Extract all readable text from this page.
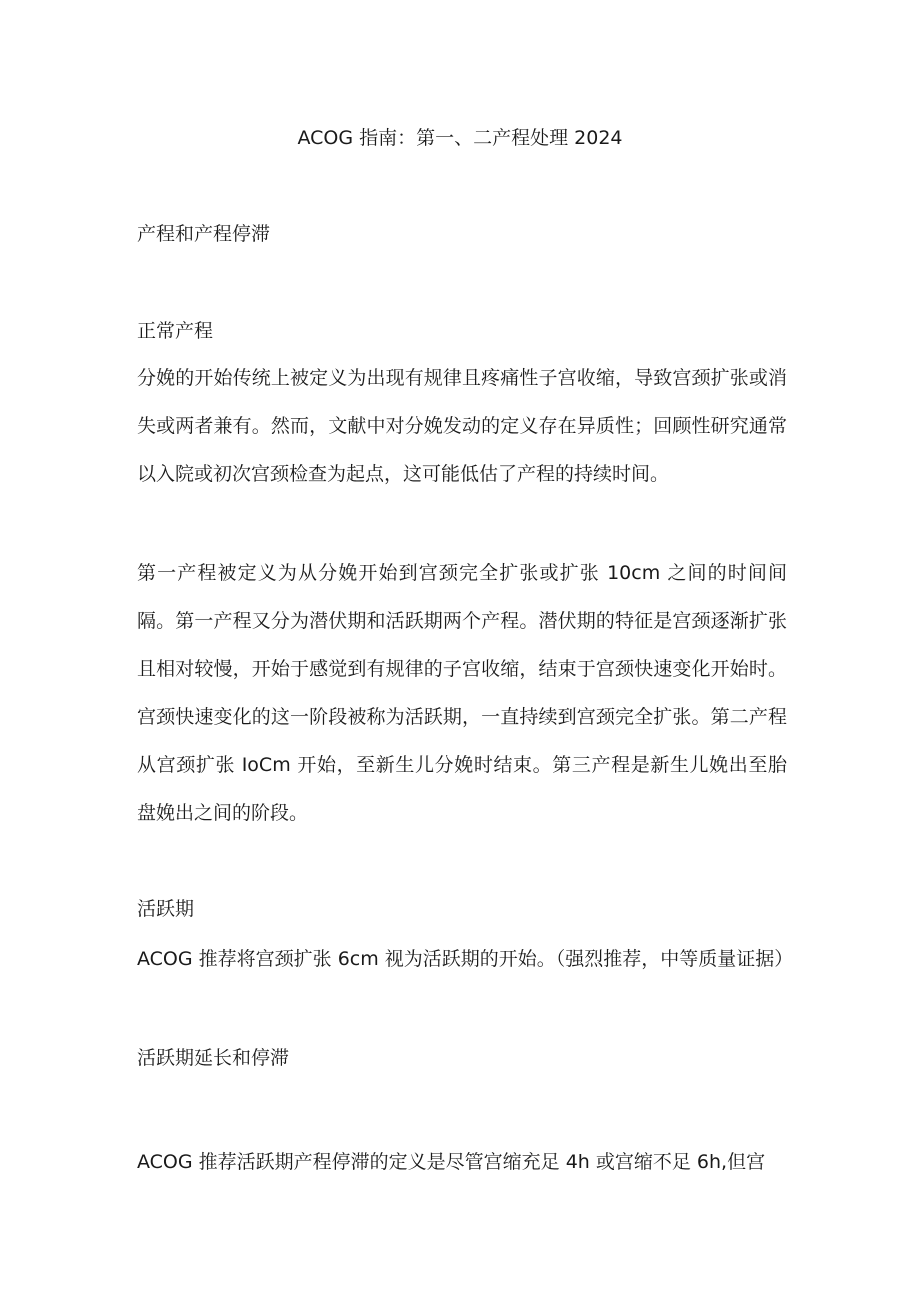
ACOG 指南：第一、二产程处理 2024
产程和产程停滞
正常产程

分娩的开始传统上被定义为出现有规律且疼痛性子宫收缩，导致宫颈扩张或消失或两者兼有。然而，文献中对分娩发动的定义存在异质性；回顾性研究通常以入院或初次宫颈检查为起点，这可能低估了产程的持续时间。

第一产程被定义为从分娩开始到宫颈完全扩张或扩张 10cm 之间的时间间隔。第一产程又分为潜伏期和活跃期两个产程。潜伏期的特征是宫颈逐渐扩张且相对较慢，开始于感觉到有规律的子宫收缩，结束于宫颈快速变化开始时。宫颈快速变化的这一阶段被称为活跃期，一直持续到宫颈完全扩张。第二产程从宫颈扩张 IoCm 开始，至新生儿分娩时结束。第三产程是新生儿娩出至胎盘娩出之间的阶段。

活跃期

ACOG 推荐将宫颈扩张 6cm 视为活跃期的开始。（强烈推荐，中等质量证据）

活跃期延长和停滞

ACOG 推荐活跃期产程停滞的定义是尽管宫缩充足 4h 或宫缩不足 6h,但宫
